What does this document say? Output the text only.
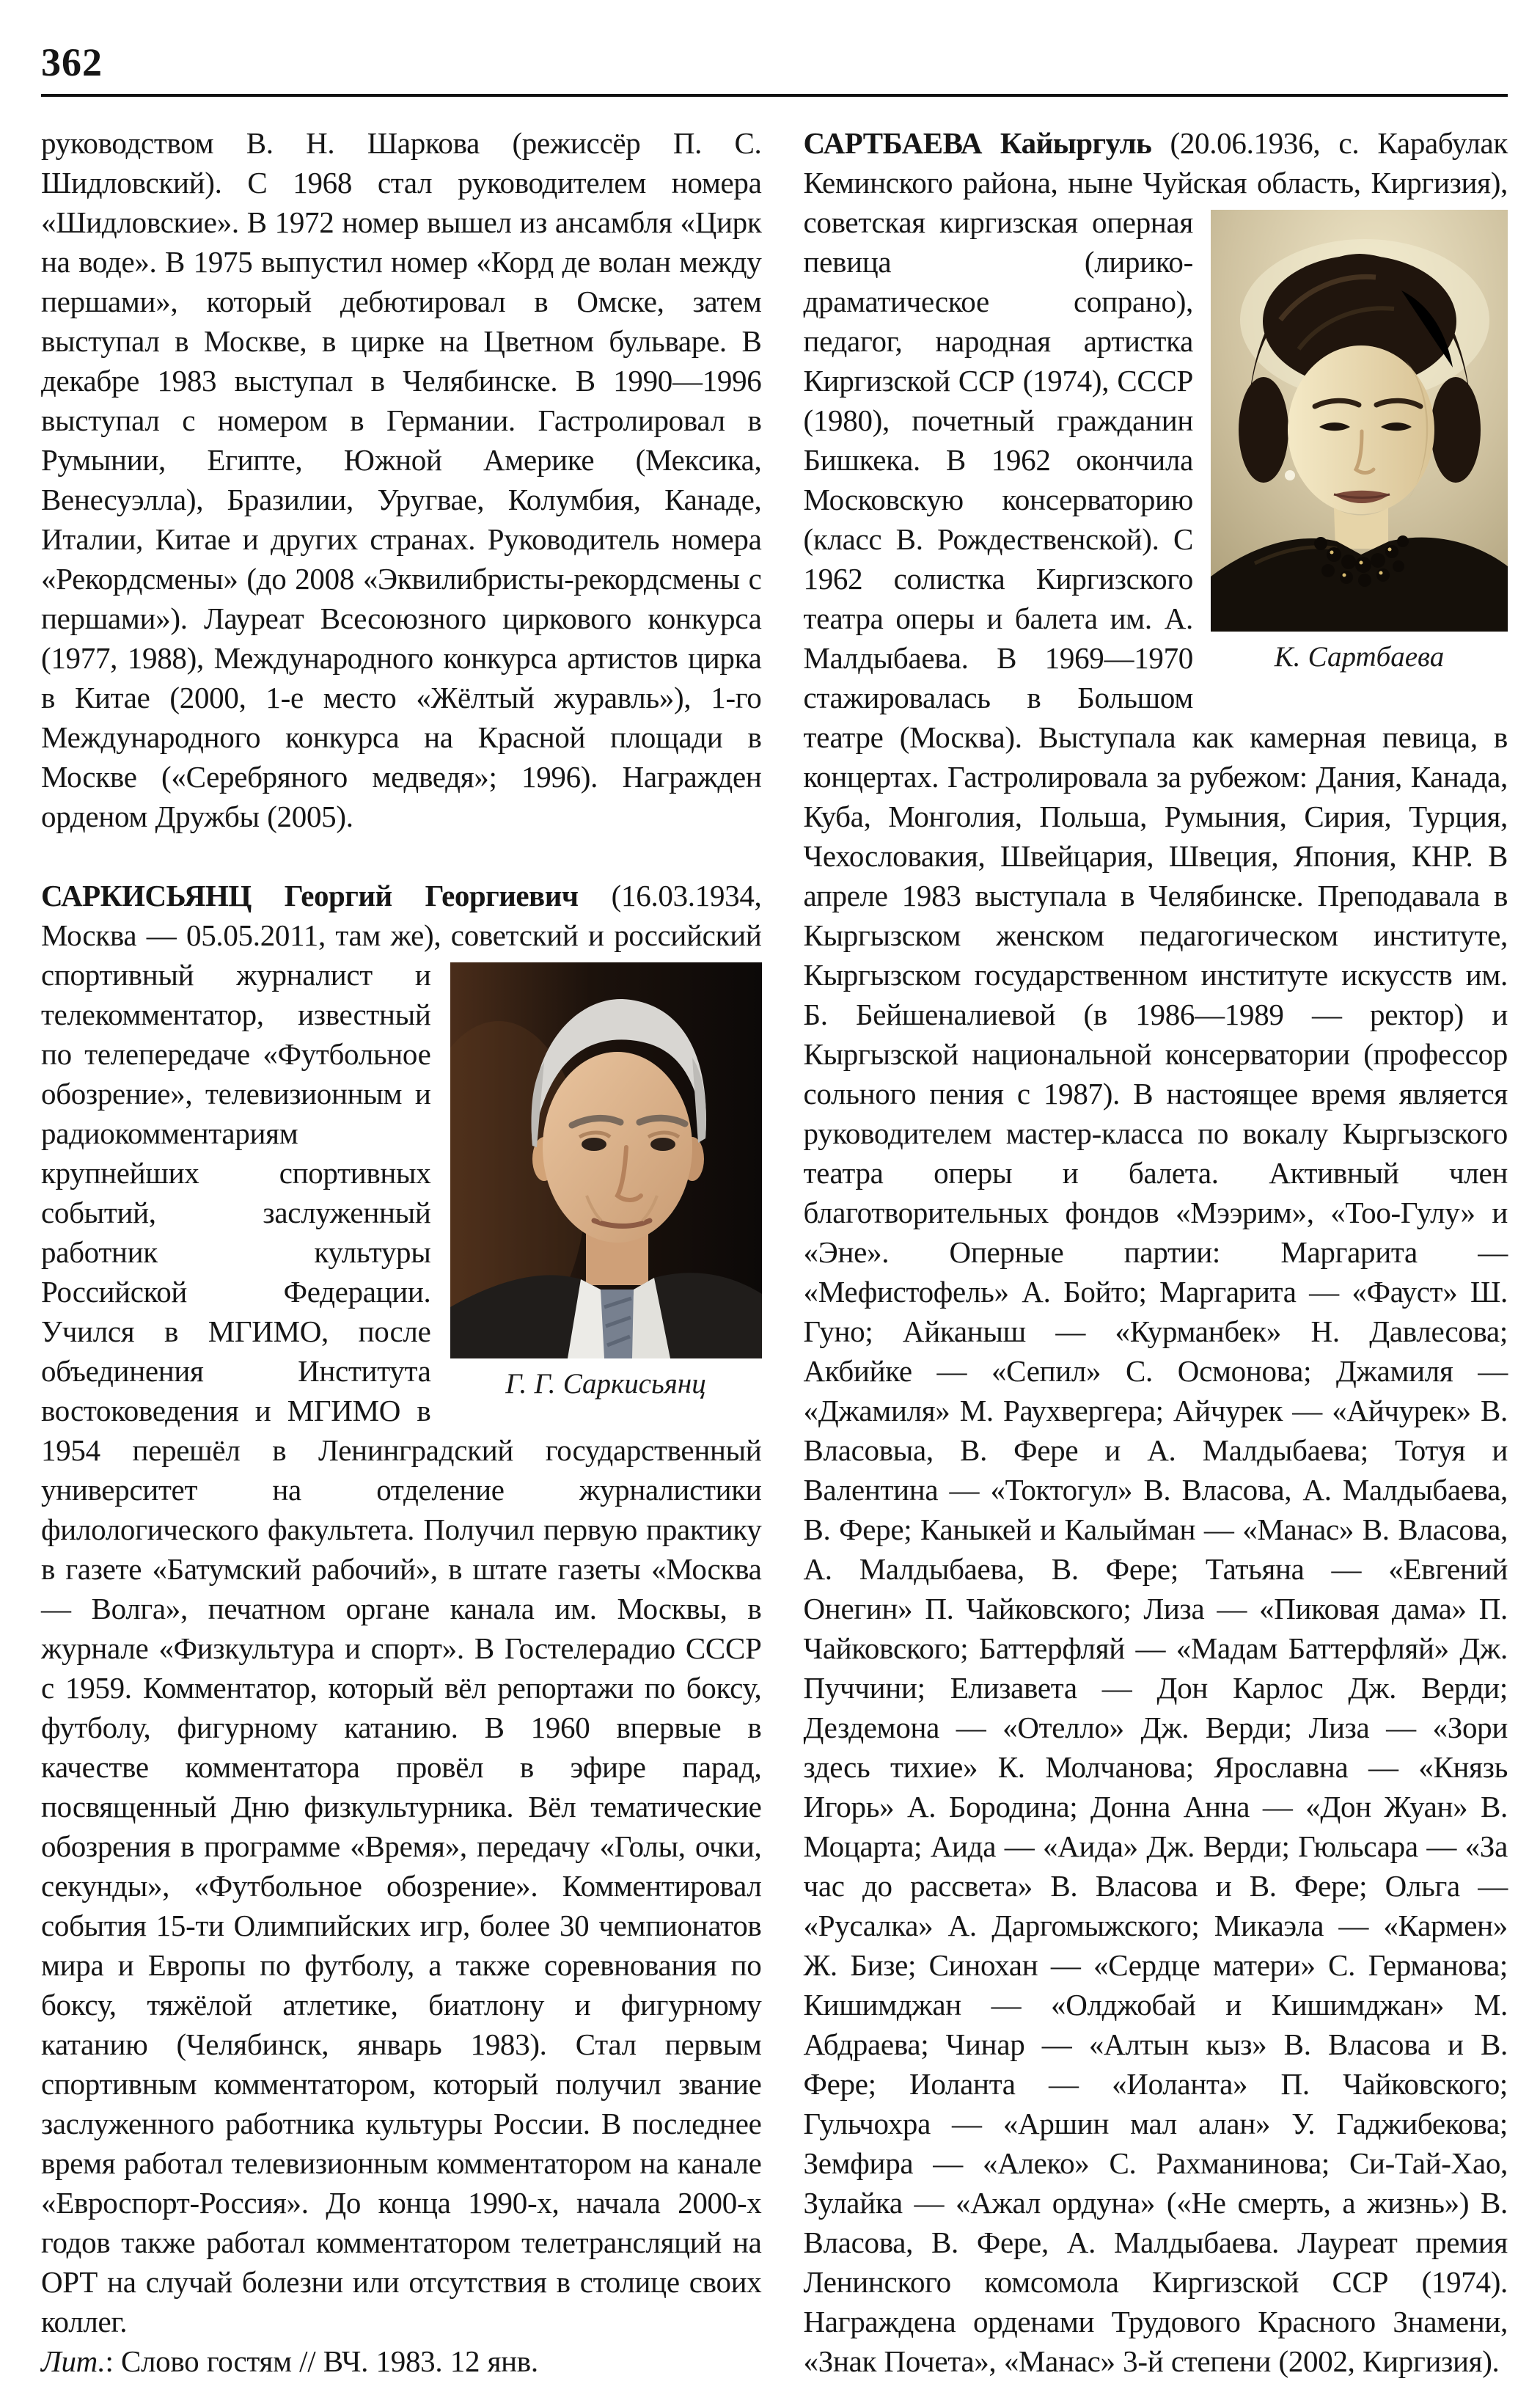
362

руководством В. Н. Шаркова (режиссёр П. С. Шидловский). С 1968 стал руководителем номера «Шидловские». В 1972 номер вышел из ансамбля «Цирк на воде». В 1975 выпустил номер «Корд де волан между першами», который дебютировал в Омске, затем выступал в Москве, в цирке на Цветном бульваре. В декабре 1983 выступал в Челябинске. В 1990—1996 выступал с номером в Германии. Гастролировал в Румынии, Египте, Южной Америке (Мексика, Венесуэлла), Бразилии, Уругвае, Колумбия, Канаде, Италии, Китае и других странах. Руководитель номера «Рекордсмены» (до 2008 «Эквилибристы-рекордсмены с першами»). Лауреат Всесоюзного циркового конкурса (1977, 1988), Международного конкурса артистов цирка в Китае (2000, 1-е место «Жёлтый журавль»), 1-го Международного конкурса на Красной площади в Москве («Серебряного медведя»; 1996). Награжден орденом Дружбы (2005).

САРКИСЬЯНЦ Георгий Георгиевич (16.03.1934, Москва — 05.05.2011, там же), советский и
Г. Г. Саркисьянц
российский спортивный журналист и телекомментатор, известный по телепередаче «Футбольное обозрение», телевизионным и радиокомментариям крупнейших спортивных событий, заслуженный работник культуры Российской Федерации. Учился в МГИМО, после объединения Института востоковедения и МГИМО в 1954 перешёл в Ленинградский государственный университет на отделение журналистики филологического факультета. Получил первую практику в газете «Батумский рабочий», в штате газеты «Москва — Волга», печатном органе канала им. Москвы, в журнале «Физкультура и спорт». В Гостелерадио СССР с 1959. Комментатор, который вёл репортажи по боксу, футболу, фигурному катанию. В 1960 впервые в качестве комментатора провёл в эфире парад, посвященный Дню физкультурника. Вёл тематические обозрения в программе «Время», передачу «Голы, очки, секунды», «Футбольное обозрение». Комментировал события 15-ти Олимпийских игр, более 30 чемпионатов мира и Европы по футболу, а также соревнования по боксу, тяжёлой атлетике, биатлону и фигурному катанию (Челябинск, январь 1983). Стал первым спортивным комментатором, который получил звание заслуженного работника культуры России. В последнее время работал телевизионным комментатором на канале «Евроспорт-Россия». До конца 1990-х, начала 2000-х годов также работал комментатором телетрансляций на ОРТ на случай болезни или отсутствия в столице своих коллег.

Лит.: Слово гостям // ВЧ. 1983. 12 янв.

САРТБАЕВА Кайыргуль (20.06.1936, с. Карабулак Кеминского района, ныне Чуйская область,
К. Сартбаева
Киргизия), советская киргизская оперная певица (лирико-драматическое сопрано), педагог, народная артистка Киргизской ССР (1974), СССР (1980), почетный гражданин Бишкека. В 1962 окончила Московскую консерваторию (класс В. Рождественской). С 1962 солистка Киргизского театра оперы и балета им. А. Малдыбаева. В 1969—1970 стажировалась в Большом театре (Москва). Выступала как камерная певица, в концертах. Гастролировала за рубежом: Дания, Канада, Куба, Монголия, Польша, Румыния, Сирия, Турция, Чехословакия, Швейцария, Швеция, Япония, КНР. В апреле 1983 выступала в Челябинске. Преподавала в Кыргызском женском педагогическом институте, Кыргызском государственном институте искусств им. Б. Бейшеналиевой (в 1986—1989 — ректор) и Кыргызской национальной консерватории (профессор сольного пения с 1987). В настоящее время является руководителем мастер-класса по вокалу Кыргызского театра оперы и балета. Активный член благотворительных фондов «Мээрим», «Тоо-Гулу» и «Эне». Оперные партии: Маргарита — «Мефистофель» А. Бойто; Маргарита — «Фауст» Ш. Гуно; Айканыш — «Курманбек» Н. Давлесова; Акбийке — «Сепил» С. Осмонова; Джамиля — «Джамиля» М. Раухвергера; Айчурек — «Айчурек» В. Власовыа, В. Фере и А. Малдыбаева; Тотуя и Валентина — «Токтогул» В. Власова, А. Малдыбаева, В. Фере; Каныкей и Калыйман — «Манас» В. Власова, А. Малдыбаева, В. Фере; Татьяна — «Евгений Онегин» П. Чайковского; Лиза — «Пиковая дама» П. Чайковского; Баттерфляй — «Мадам Баттерфляй» Дж. Пуччини; Елизавета — Дон Карлос Дж. Верди; Дездемона — «Отелло» Дж. Верди; Лиза — «Зори здесь тихие» К. Молчанова; Ярославна — «Князь Игорь» А. Бородина; Донна Анна — «Дон Жуан» В. Моцарта; Аида — «Аида» Дж. Верди; Гюльсара — «За час до рассвета» В. Власова и В. Фере; Ольга — «Русалка» А. Даргомыжского; Микаэла — «Кармен» Ж. Бизе; Синохан — «Сердце матери» С. Германова; Кишимджан — «Олджобай и Кишимджан» М. Абдраева; Чинар — «Алтын кыз» В. Власова и В. Фере; Иоланта — «Иоланта» П. Чайковского; Гульчохра — «Аршин мал алан» У. Гаджибекова; Земфира — «Алеко» С. Рахманинова; Си-Тай-Хао, Зулайка — «Ажал ордуна» («Не смерть, а жизнь») В. Власова, В. Фере, А. Малдыбаева. Лауреат премия Ленинского комсомола Киргизской ССР (1974). Награждена орденами Трудового Красного Знамени, «Знак Почета», «Манас» 3-й степени (2002, Киргизия).
